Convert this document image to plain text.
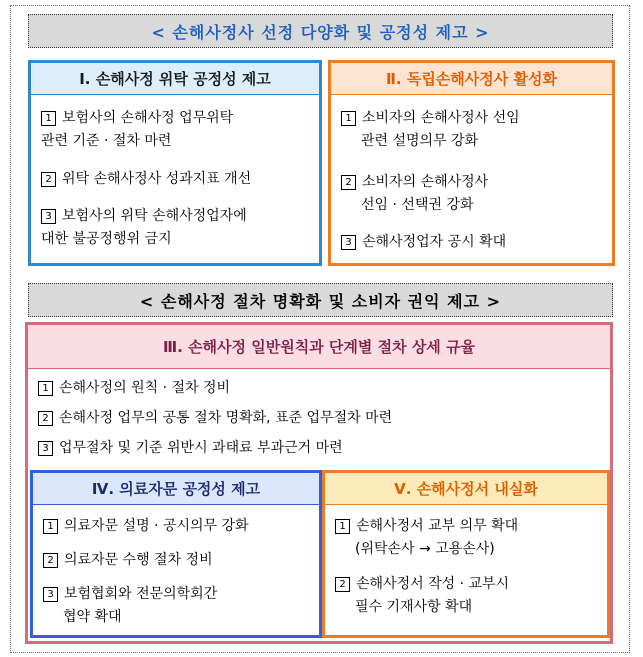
< 손해사정사 선정 다양화 및 공정성 제고 >
Ⅰ. 손해사정 위탁 공정성 제고
1 보험사의 손해사정 업무위탁
관련 기준 · 절차 마련
2 위탁 손해사정사 성과지표 개선
3 보험사의 위탁 손해사정업자에
대한 불공정행위 금지
Ⅱ. 독립손해사정사 활성화
1 소비자의 손해사정사 선임
관련 설명의무 강화
2 소비자의 손해사정사
선임 · 선택권 강화
3 손해사정업자 공시 확대
< 손해사정 절차 명확화 및 소비자 권익 제고 >
Ⅲ. 손해사정 일반원칙과 단계별 절차 상세 규율
1 손해사정의 원칙 · 절차 정비
2 손해사정 업무의 공통 절차 명확화, 표준 업무절차 마련
3 업무절차 및 기준 위반시 과태료 부과근거 마련
Ⅳ. 의료자문 공정성 제고
1 의료자문 설명 · 공시의무 강화
2 의료자문 수행 절차 정비
3 보험협회와 전문의학회간
협약 확대
Ⅴ. 손해사정서 내실화
1 손해사정서 교부 의무 확대
(위탁손사 → 고용손사)
2 손해사정서 작성 · 교부시
필수 기재사항 확대
